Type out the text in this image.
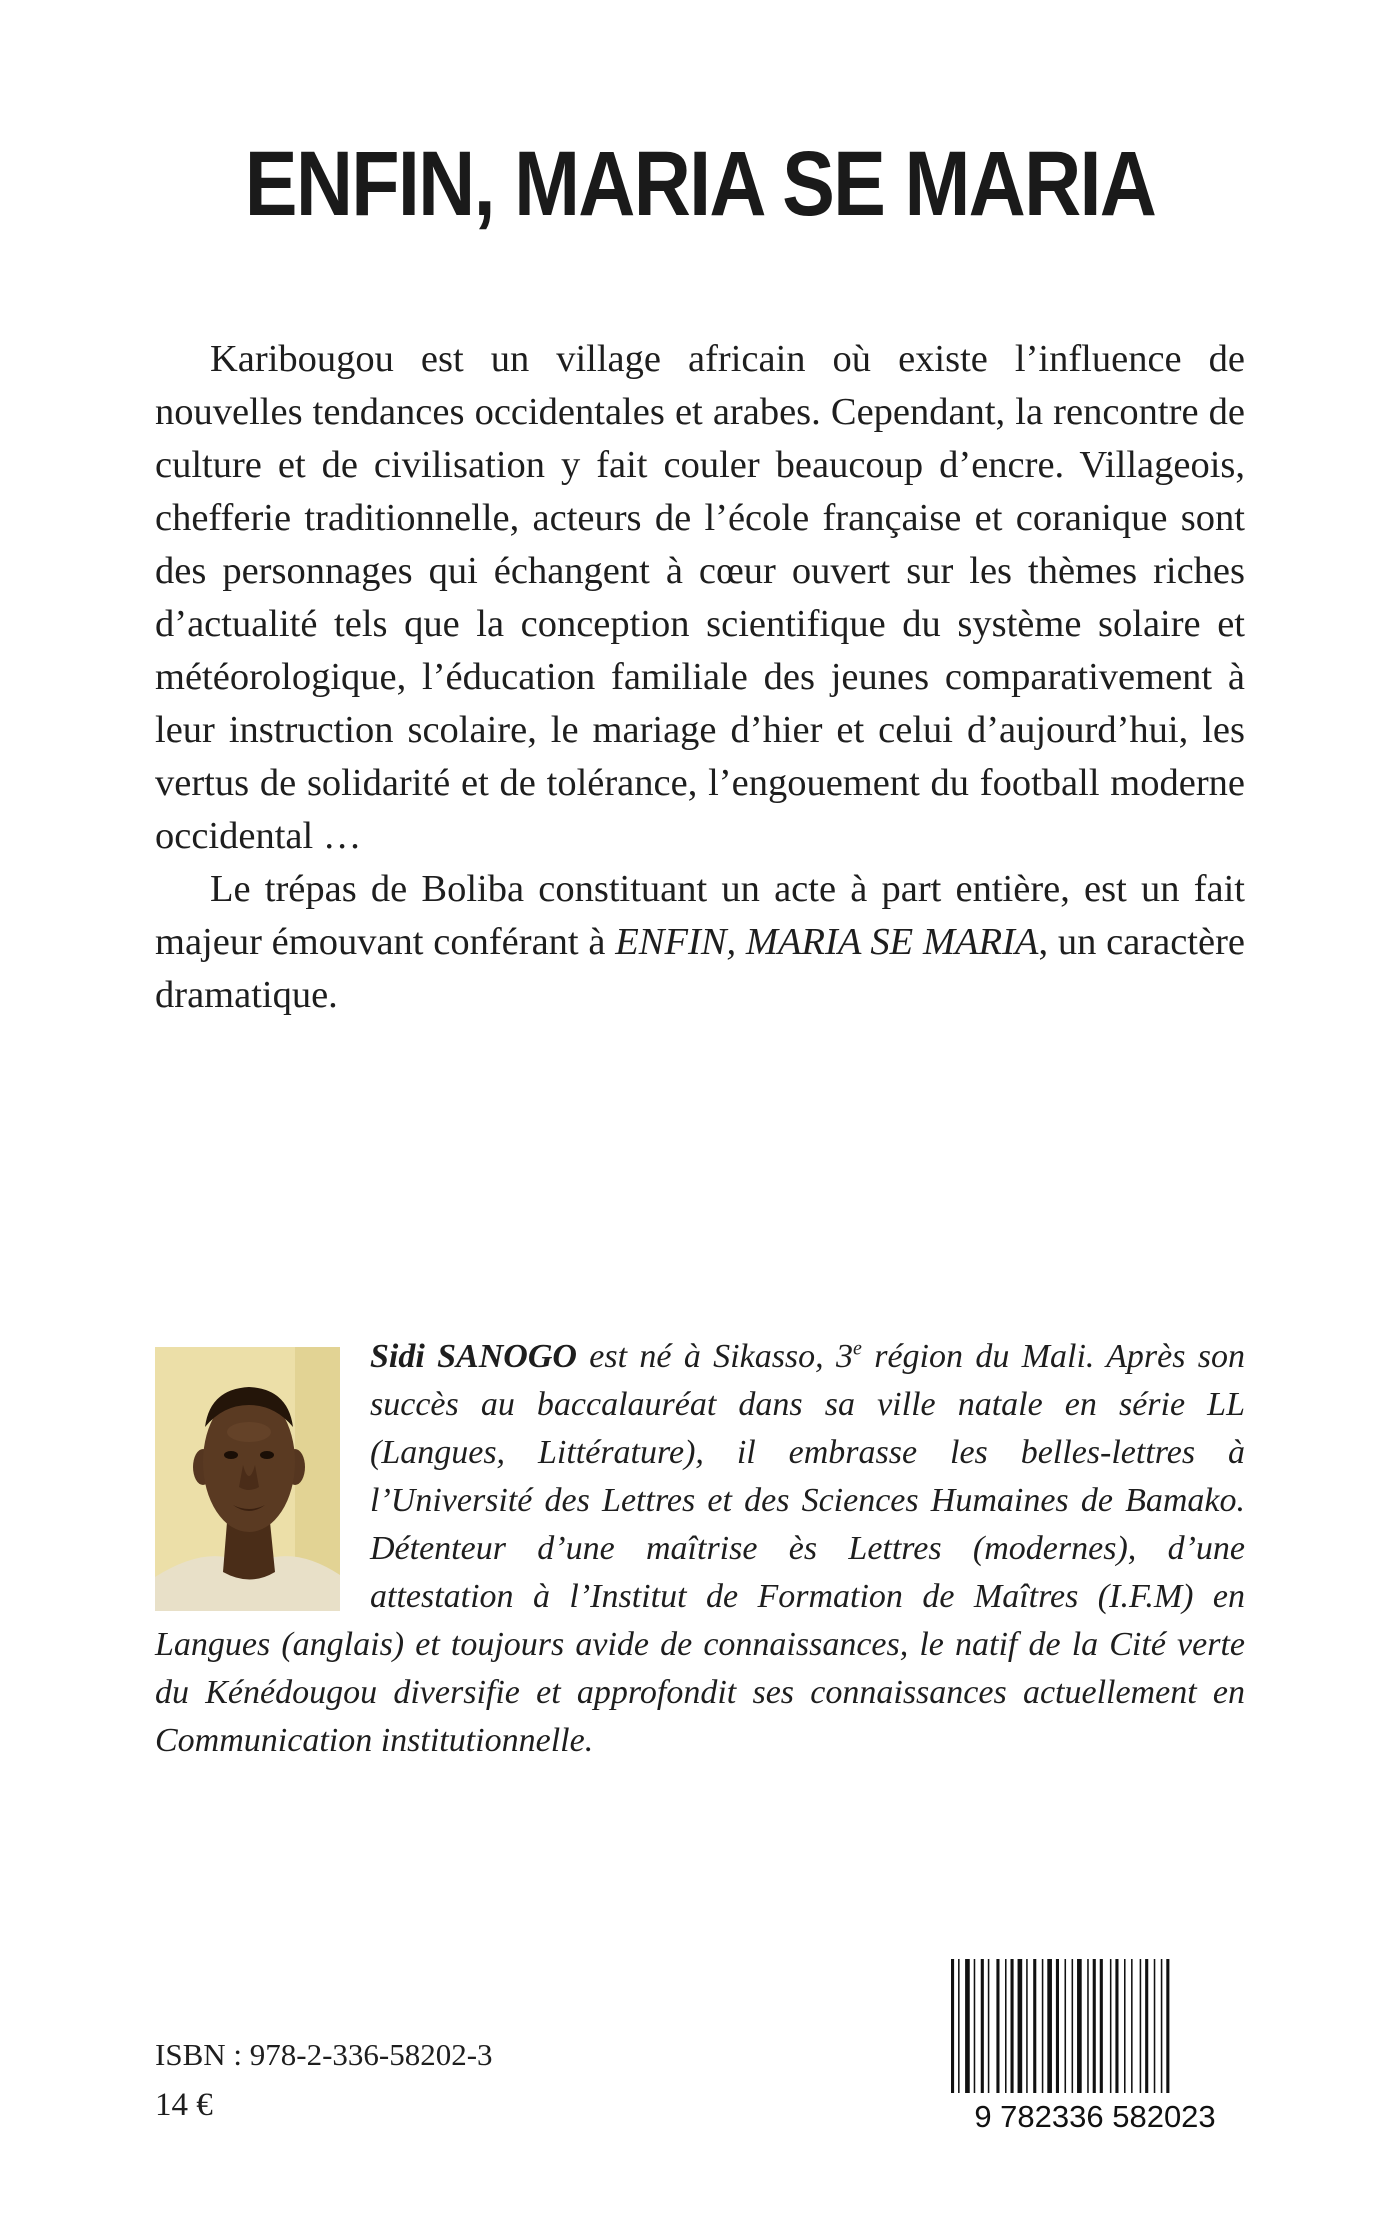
ENFIN, MARIA SE MARIA

Karibougou est un village africain où existe l’influence de nouvelles tendances occidentales et arabes. Cependant, la rencontre de culture et de civilisation y fait couler beaucoup d’encre. Villageois, chefferie traditionnelle, acteurs de l’école française et coranique sont des personnages qui échangent à cœur ouvert sur les thèmes riches d’actualité tels que la conception scientifique du système solaire et météorologique, l’éducation familiale des jeunes comparativement à leur instruction scolaire, le mariage d’hier et celui d’aujourd’hui, les vertus de solidarité et de tolérance, l’engouement du football moderne occidental …

Le trépas de Boliba constituant un acte à part entière, est un fait majeur émouvant conférant à ENFIN, MARIA SE MARIA, un caractère dramatique.

Sidi SANOGO est né à Sikasso, 3e région du Mali. Après son succès au baccalauréat dans sa ville natale en série LL (Langues, Littérature), il embrasse les belles-lettres à l’Université des Lettres et des Sciences Humaines de Bamako. Détenteur d’une maîtrise ès Lettres (modernes), d’une attestation à l’Institut de Formation de Maîtres (I.F.M) en Langues (anglais) et toujours avide de connaissances, le natif de la Cité verte du Kénédougou diversifie et approfondit ses connaissances actuellement en Communication institutionnelle.
ISBN : 978-2-336-58202-3
14 €	9 782336 582023
